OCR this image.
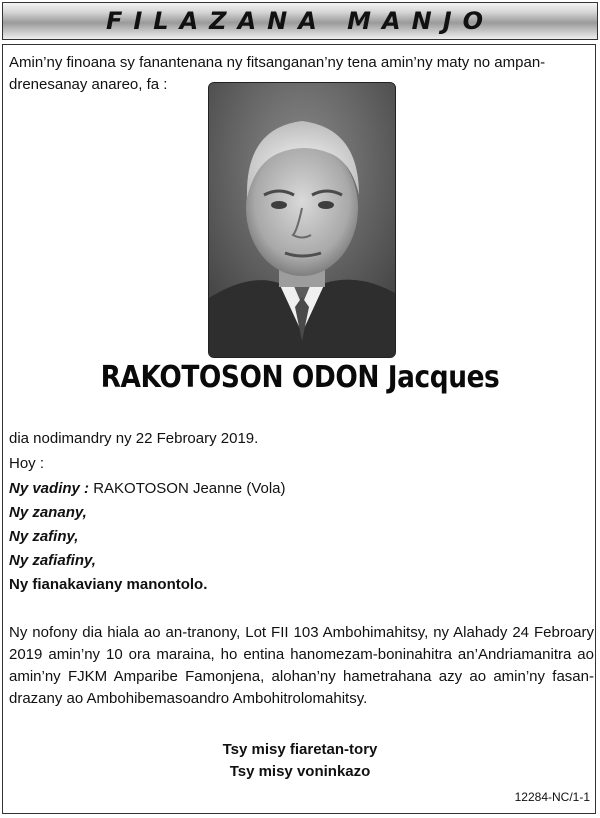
FILAZANA MANJO

Amin’ny finoana sy fanantenana ny fitsanganan’ny tena amin’ny maty no ampan-drenesanay anareo, fa :

RAKOTOSON ODON Jacques

dia nodimandry ny 22 Febroary 2019.

Hoy :

Ny vadiny : RAKOTOSON Jeanne (Vola)

Ny zanany,

Ny zafiny,

Ny zafiafiny,

Ny fianakaviany manontolo.

Ny nofony dia hiala ao an-tranony, Lot FII 103 Ambohimahitsy, ny Alahady 24 Febroary 2019 amin’ny 10 ora maraina, ho entina hanomezam-boninahitra an’Andriamanitra ao amin’ny FJKM Amparibe Famonjena, alohan’ny hametrahana azy ao amin’ny fasan-drazany ao Ambohibemasoandro Ambohitrolomahitsy.

Tsy misy fiaretan-tory
Tsy misy voninkazo
12284-NC/1-1
